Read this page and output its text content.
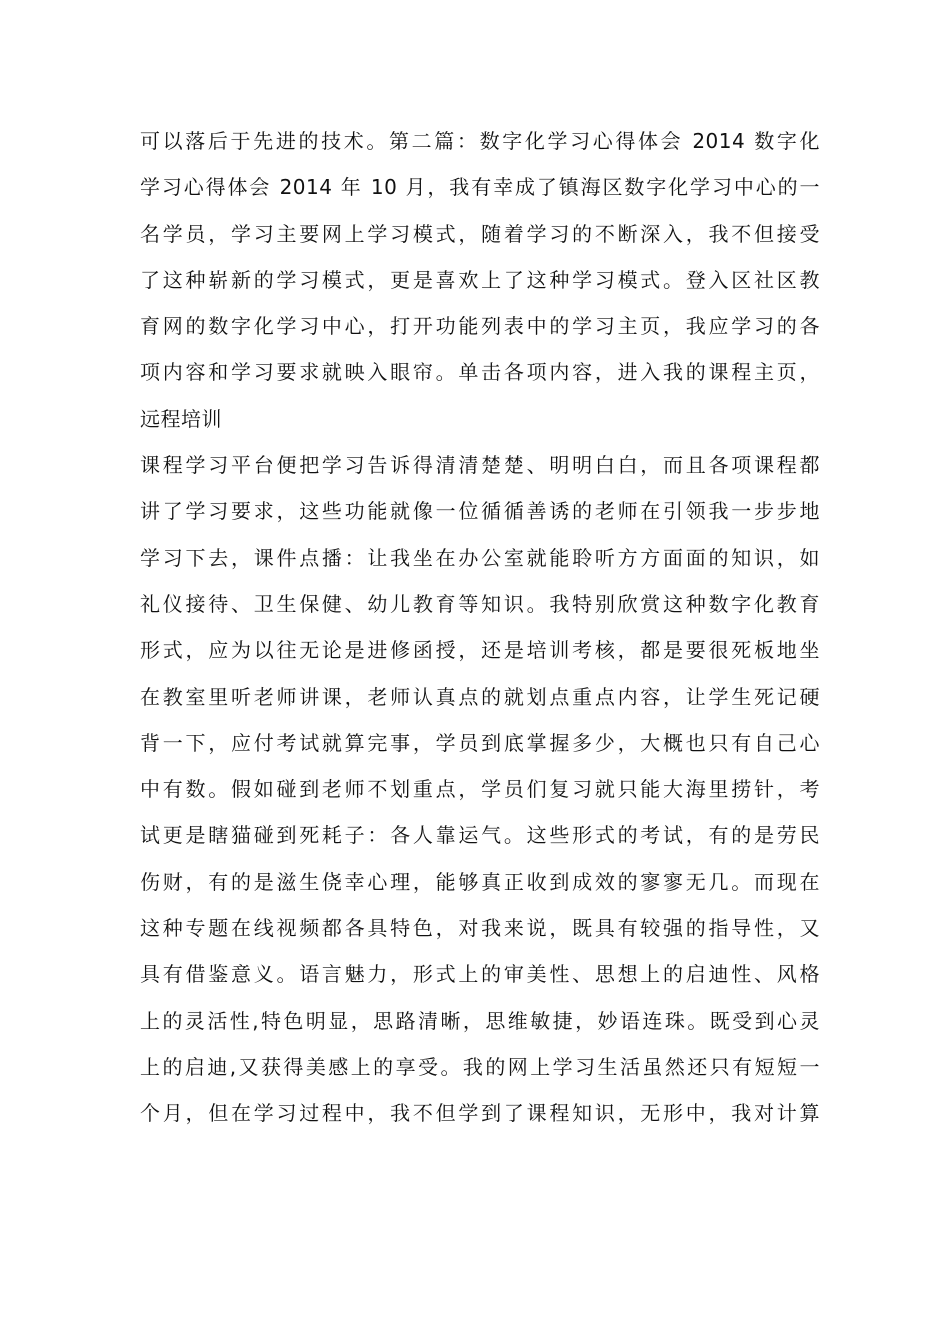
可以落后于先进的技术。第二篇：数字化学习心得体会 2014 数字化
学习心得体会 2014 年 10 月，我有幸成了镇海区数字化学习中心的一
名学员，学习主要网上学习模式，随着学习的不断深入，我不但接受
了这种崭新的学习模式，更是喜欢上了这种学习模式。登入区社区教
育网的数字化学习中心，打开功能列表中的学习主页，我应学习的各
项内容和学习要求就映入眼帘。单击各项内容，进入我的课程主页，
远程培训
课程学习平台便把学习告诉得清清楚楚、明明白白，而且各项课程都
讲了学习要求，这些功能就像一位循循善诱的老师在引领我一步步地
学习下去，课件点播：让我坐在办公室就能聆听方方面面的知识，如
礼仪接待、卫生保健、幼儿教育等知识。我特别欣赏这种数字化教育
形式，应为以往无论是进修函授，还是培训考核，都是要很死板地坐
在教室里听老师讲课，老师认真点的就划点重点内容，让学生死记硬
背一下，应付考试就算完事，学员到底掌握多少，大概也只有自己心
中有数。假如碰到老师不划重点，学员们复习就只能大海里捞针，考
试更是瞎猫碰到死耗子：各人靠运气。这些形式的考试，有的是劳民
伤财，有的是滋生侥幸心理，能够真正收到成效的寥寥无几。而现在
这种专题在线视频都各具特色，对我来说，既具有较强的指导性，又
具有借鉴意义。语言魅力，形式上的审美性、思想上的启迪性、风格
上的灵活性,特色明显，思路清晰，思维敏捷，妙语连珠。既受到心灵
上的启迪,又获得美感上的享受。我的网上学习生活虽然还只有短短一
个月，但在学习过程中，我不但学到了课程知识，无形中，我对计算
